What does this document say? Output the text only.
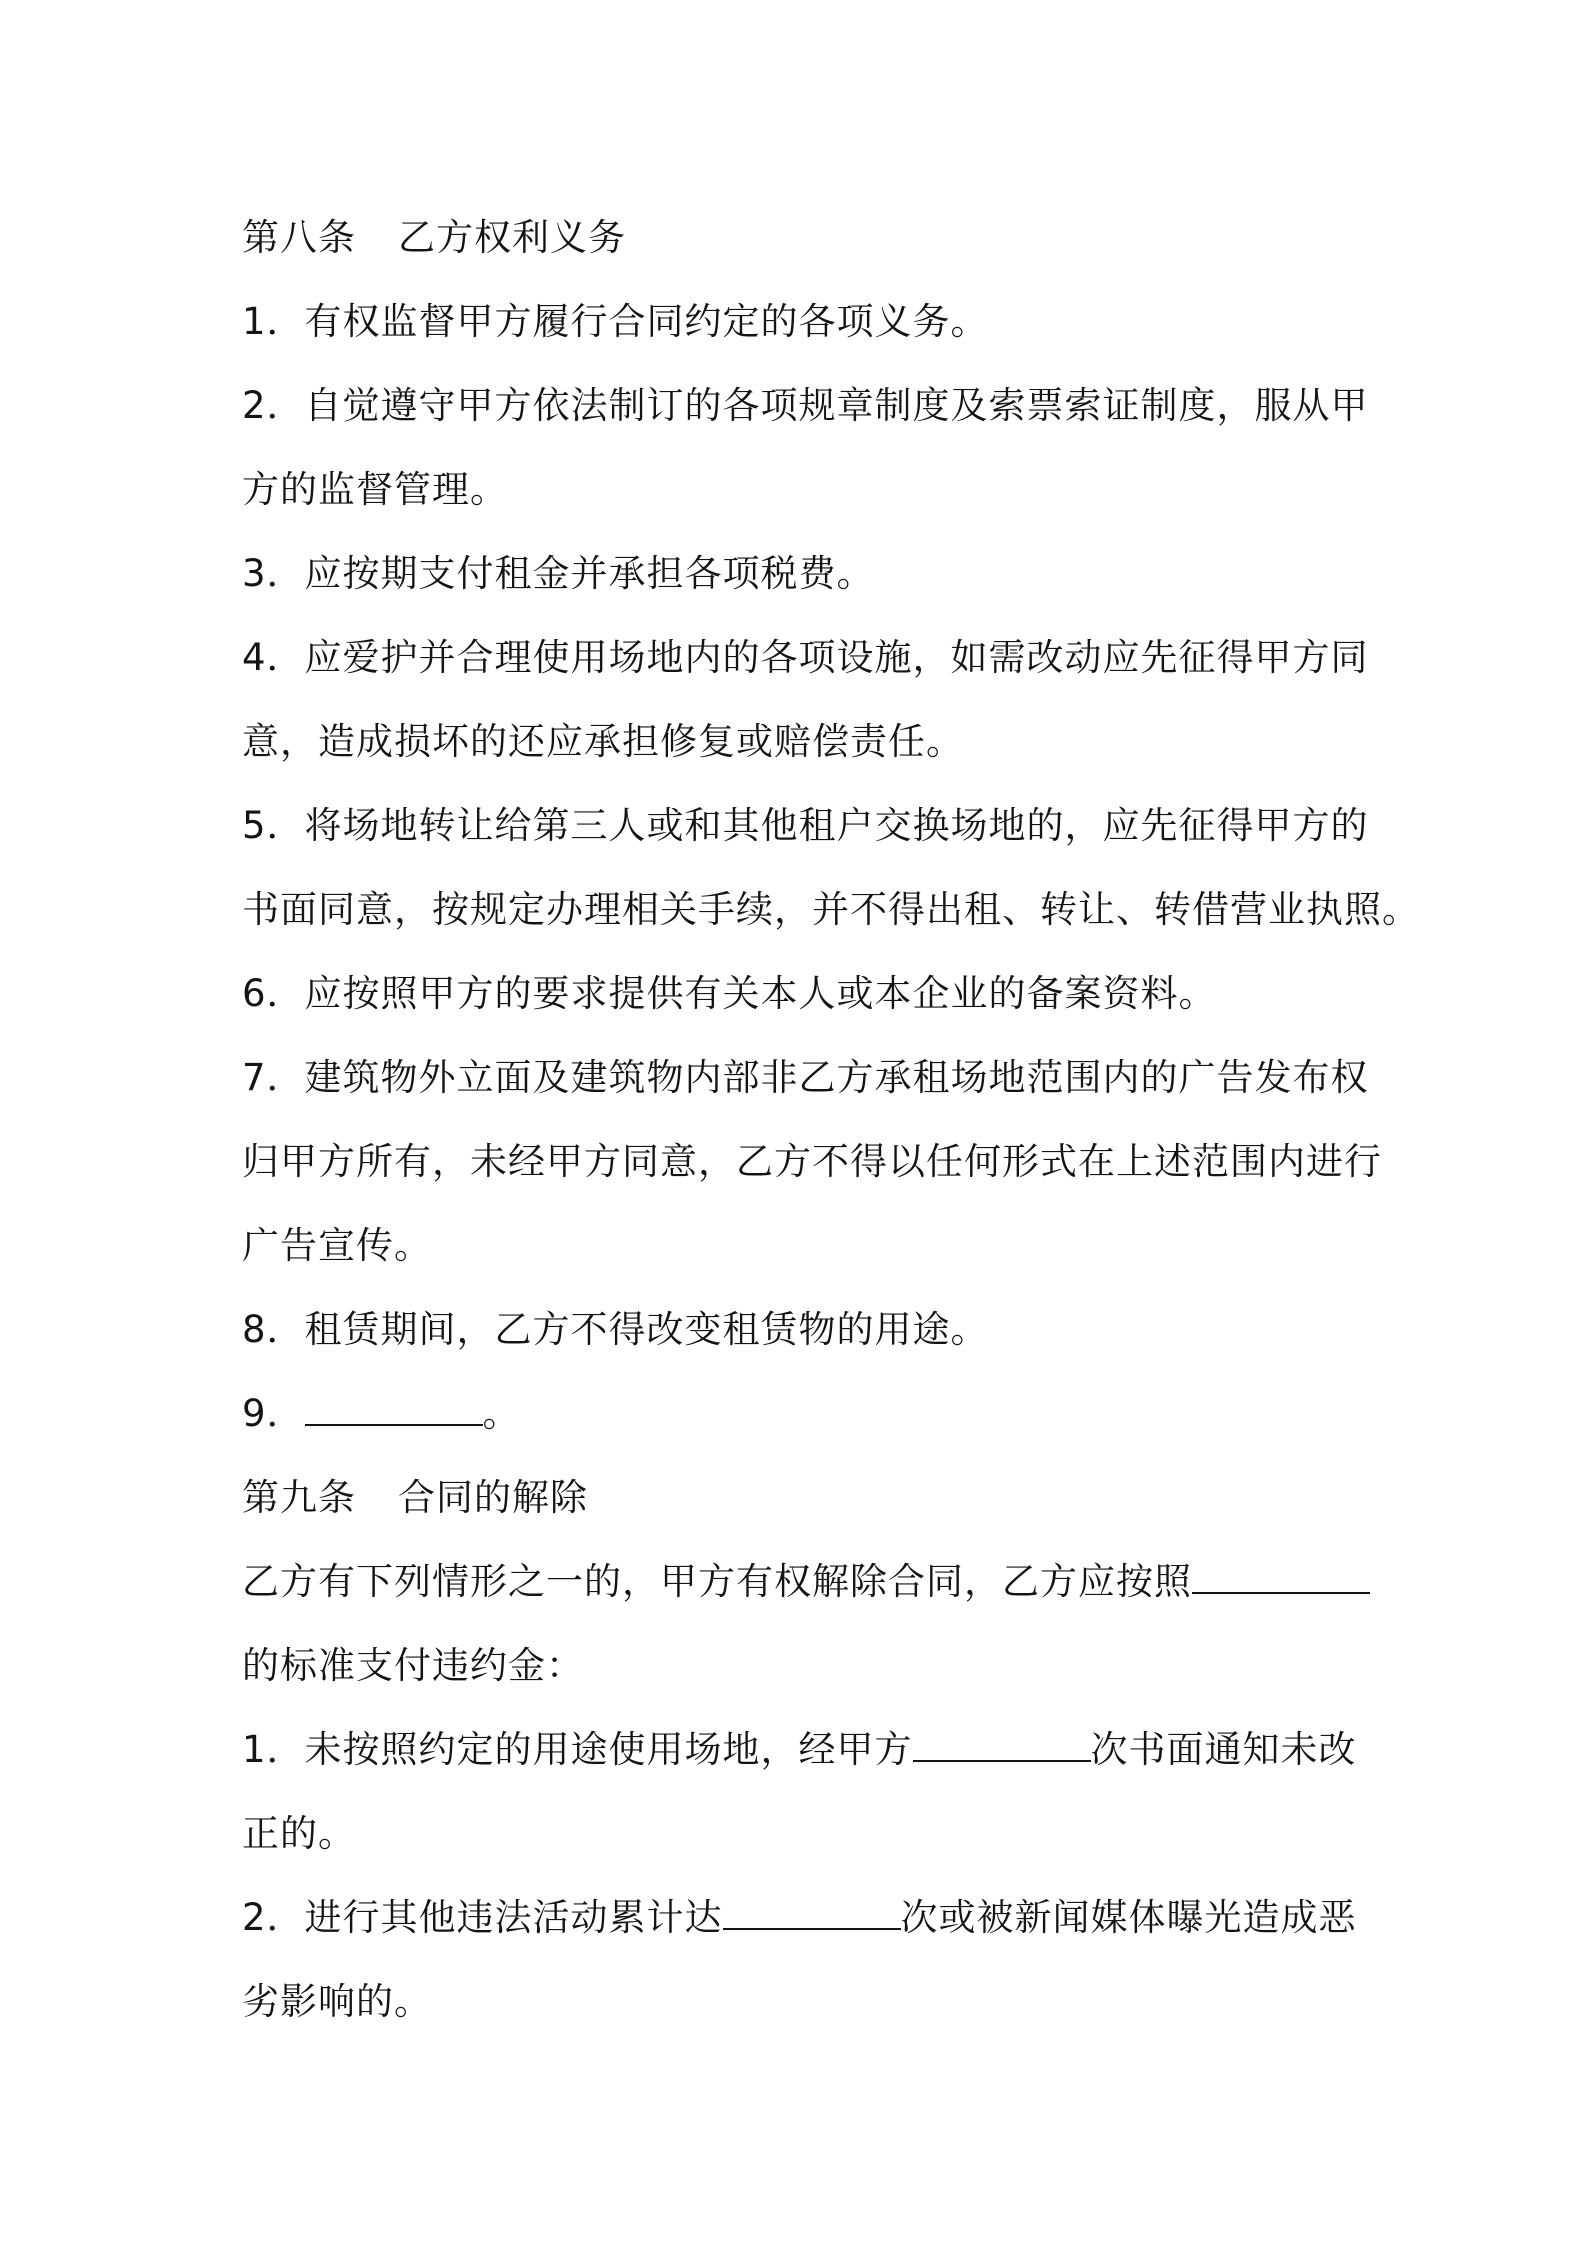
第八条 乙方权利义务
1．有权监督甲方履行合同约定的各项义务。
2．自觉遵守甲方依法制订的各项规章制度及索票索证制度，服从甲
方的监督管理。
3．应按期支付租金并承担各项税费。
4．应爱护并合理使用场地内的各项设施，如需改动应先征得甲方同
意，造成损坏的还应承担修复或赔偿责任。
5．将场地转让给第三人或和其他租户交换场地的，应先征得甲方的
书面同意，按规定办理相关手续，并不得出租、转让、转借营业执照。
6．应按照甲方的要求提供有关本人或本企业的备案资料。
7．建筑物外立面及建筑物内部非乙方承租场地范围内的广告发布权
归甲方所有，未经甲方同意，乙方不得以任何形式在上述范围内进行
广告宣传。
8．租赁期间，乙方不得改变租赁物的用途。
9．	。
第九条 合同的解除
乙方有下列情形之一的，甲方有权解除合同，乙方应按照
的标准支付违约金：
1．未按照约定的用途使用场地，经甲方	次书面通知未改
正的。
2．进行其他违法活动累计达	次或被新闻媒体曝光造成恶
劣影响的。
